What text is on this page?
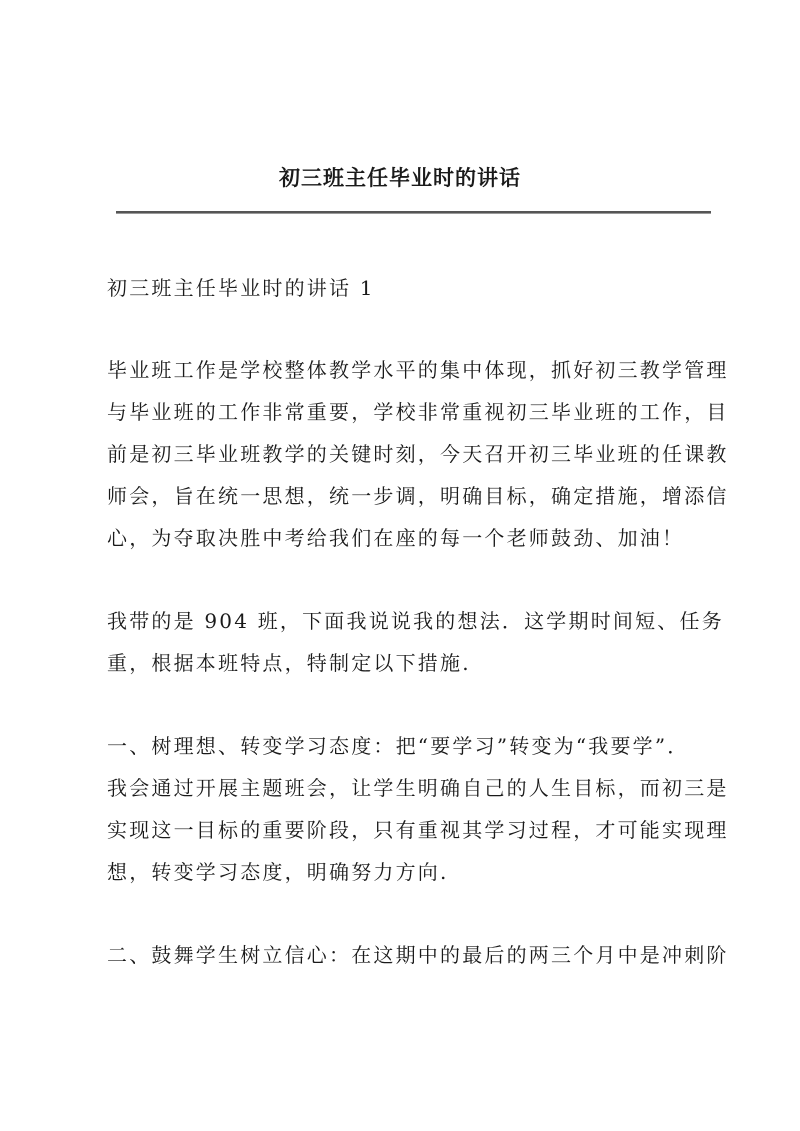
初三班主任毕业时的讲话
初三班主任毕业时的讲话 1
毕业班工作是学校整体教学水平的集中体现，抓好初三教学管理
与毕业班的工作非常重要，学校非常重视初三毕业班的工作，目
前是初三毕业班教学的关键时刻，今天召开初三毕业班的任课教
师会，旨在统一思想，统一步调，明确目标，确定措施，增添信
心，为夺取决胜中考给我们在座的每一个老师鼓劲、加油！
我带的是 904 班，下面我说说我的想法．这学期时间短、任务
重，根据本班特点，特制定以下措施.
一、树理想、转变学习态度：把“要学习”转变为“我要学”．
我会通过开展主题班会，让学生明确自己的人生目标，而初三是
实现这一目标的重要阶段，只有重视其学习过程，才可能实现理
想，转变学习态度，明确努力方向.
二、鼓舞学生树立信心：在这期中的最后的两三个月中是冲刺阶
